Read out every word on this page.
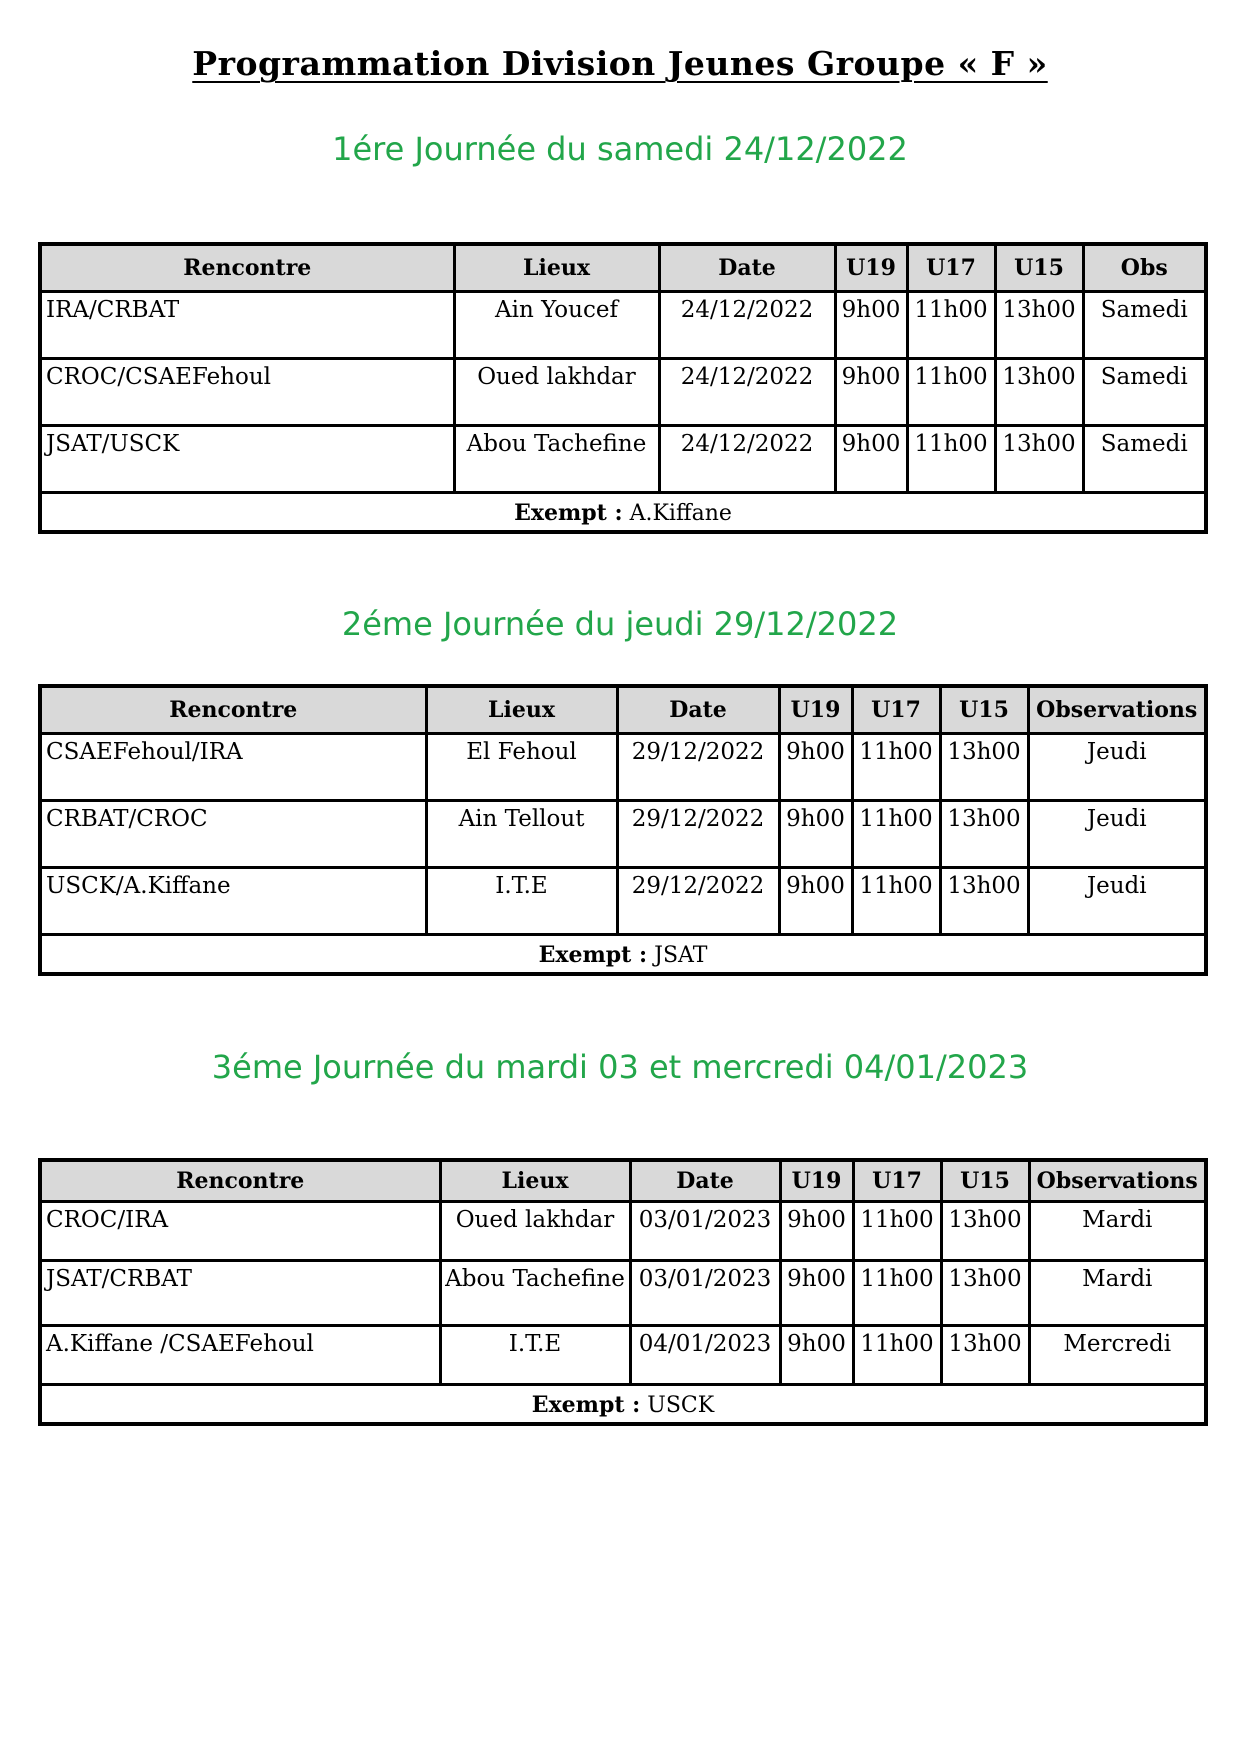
Programmation Division Jeunes Groupe « F »
1ére Journée du samedi 24/12/2022
Rencontre	Lieux	Date	U19	U17	U15	Obs
IRA/CRBAT	Ain Youcef	24/12/2022	9h00	11h00	13h00	Samedi
CROC/CSAEFehoul	Oued lakhdar	24/12/2022	9h00	11h00	13h00	Samedi
JSAT/USCK	Abou Tachefine	24/12/2022	9h00	11h00	13h00	Samedi
Exempt : A.Kiffane						
2éme Journée du jeudi 29/12/2022
Rencontre	Lieux	Date	U19	U17	U15	Observations
CSAEFehoul/IRA	El Fehoul	29/12/2022	9h00	11h00	13h00	Jeudi
CRBAT/CROC	Ain Tellout	29/12/2022	9h00	11h00	13h00	Jeudi
USCK/A.Kiffane	I.T.E	29/12/2022	9h00	11h00	13h00	Jeudi
Exempt : JSAT						
3éme Journée du mardi 03 et mercredi 04/01/2023
Rencontre	Lieux	Date	U19	U17	U15	Observations
CROC/IRA	Oued lakhdar	03/01/2023	9h00	11h00	13h00	Mardi
JSAT/CRBAT	Abou Tachefine	03/01/2023	9h00	11h00	13h00	Mardi
A.Kiffane /CSAEFehoul	I.T.E	04/01/2023	9h00	11h00	13h00	Mercredi
Exempt : USCK						
